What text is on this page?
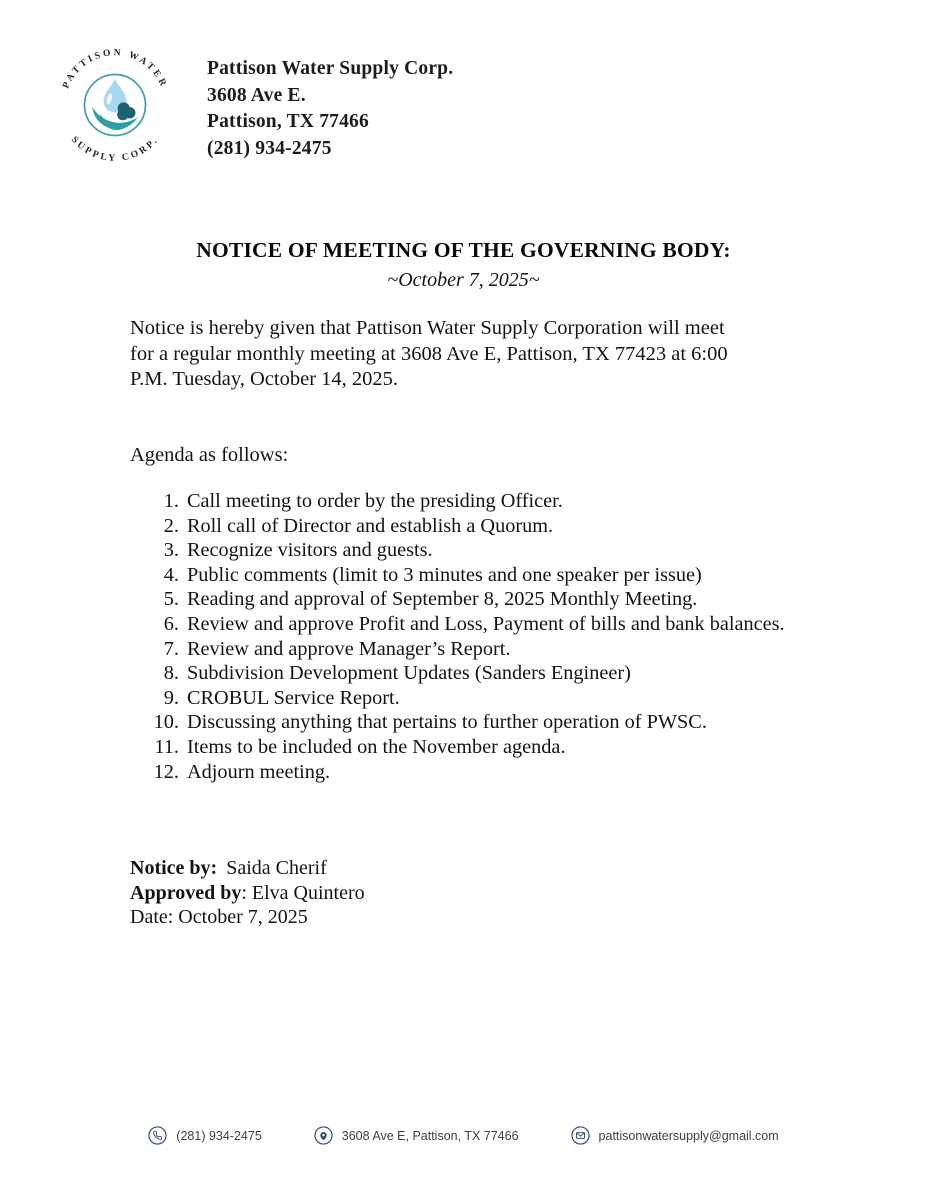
PATTISON WATER
SUPPLY CORP.
Pattison Water Supply Corp.
3608 Ave E.
Pattison, TX 77466
(281) 934-2475
NOTICE OF MEETING OF THE GOVERNING BODY:
~October 7, 2025~
Notice is hereby given that Pattison Water Supply Corporation will meet
for a regular monthly meeting at 3608 Ave E, Pattison, TX 77423 at 6:00
P.M. Tuesday, October 14, 2025.
Agenda as follows:
1. Call meeting to order by the presiding Officer.
2. Roll call of Director and establish a Quorum.
3. Recognize visitors and guests.
4. Public comments (limit to 3 minutes and one speaker per issue)
5. Reading and approval of September 8, 2025 Monthly Meeting.
6. Review and approve Profit and Loss, Payment of bills and bank balances.
7. Review and approve Manager’s Report.
8. Subdivision Development Updates (Sanders Engineer)
9. CROBUL Service Report.
10. Discussing anything that pertains to further operation of PWSC.
11. Items to be included on the November agenda.
12. Adjourn meeting.
Notice by: Saida Cherif
Approved by: Elva Quintero
Date: October 7, 2025
(281) 934-2475	3608 Ave E, Pattison, TX 77466	pattisonwatersupply@gmail.com
